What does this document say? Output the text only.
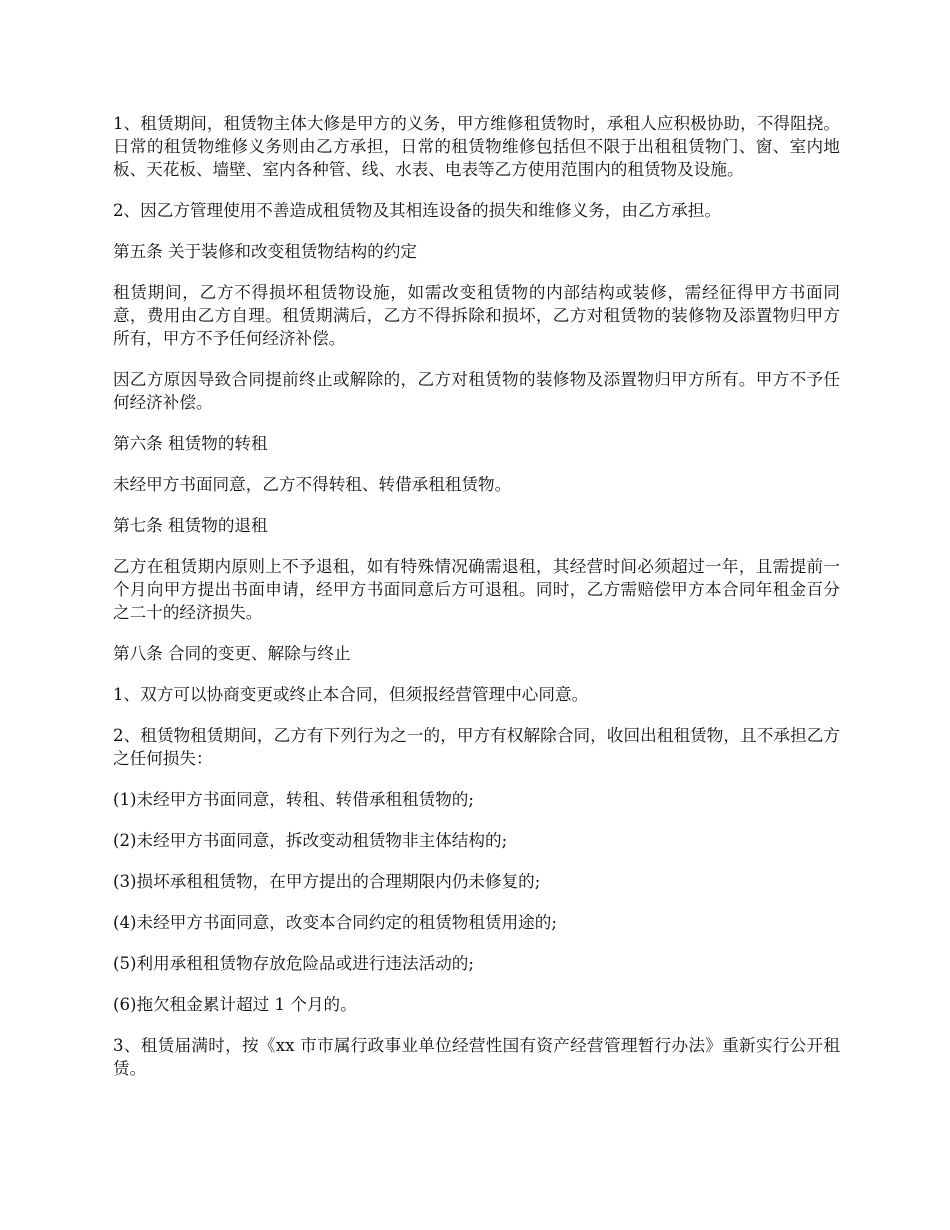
1、租赁期间，租赁物主体大修是甲方的义务，甲方维修租赁物时，承租人应积极协助，不得阻挠。日常的租赁物维修义务则由乙方承担，日常的租赁物维修包括但不限于出租租赁物门、窗、室内地板、天花板、墙壁、室内各种管、线、水表、电表等乙方使用范围内的租赁物及设施。

2、因乙方管理使用不善造成租赁物及其相连设备的损失和维修义务，由乙方承担。

第五条 关于装修和改变租赁物结构的约定

租赁期间，乙方不得损坏租赁物设施，如需改变租赁物的内部结构或装修，需经征得甲方书面同意，费用由乙方自理。租赁期满后，乙方不得拆除和损坏，乙方对租赁物的装修物及添置物归甲方所有，甲方不予任何经济补偿。

因乙方原因导致合同提前终止或解除的，乙方对租赁物的装修物及添置物归甲方所有。甲方不予任何经济补偿。

第六条 租赁物的转租

未经甲方书面同意，乙方不得转租、转借承租租赁物。

第七条 租赁物的退租

乙方在租赁期内原则上不予退租，如有特殊情况确需退租，其经营时间必须超过一年，且需提前一个月向甲方提出书面申请，经甲方书面同意后方可退租。同时，乙方需赔偿甲方本合同年租金百分之二十的经济损失。

第八条 合同的变更、解除与终止

1、双方可以协商变更或终止本合同，但须报经营管理中心同意。

2、租赁物租赁期间，乙方有下列行为之一的，甲方有权解除合同，收回出租租赁物，且不承担乙方之任何损失：

(1)未经甲方书面同意，转租、转借承租租赁物的;

(2)未经甲方书面同意，拆改变动租赁物非主体结构的;

(3)损坏承租租赁物，在甲方提出的合理期限内仍未修复的;

(4)未经甲方书面同意，改变本合同约定的租赁物租赁用途的;

(5)利用承租租赁物存放危险品或进行违法活动的;

(6)拖欠租金累计超过 1 个月的。

3、租赁届满时，按《xx 市市属行政事业单位经营性国有资产经营管理暂行办法》重新实行公开租赁。
